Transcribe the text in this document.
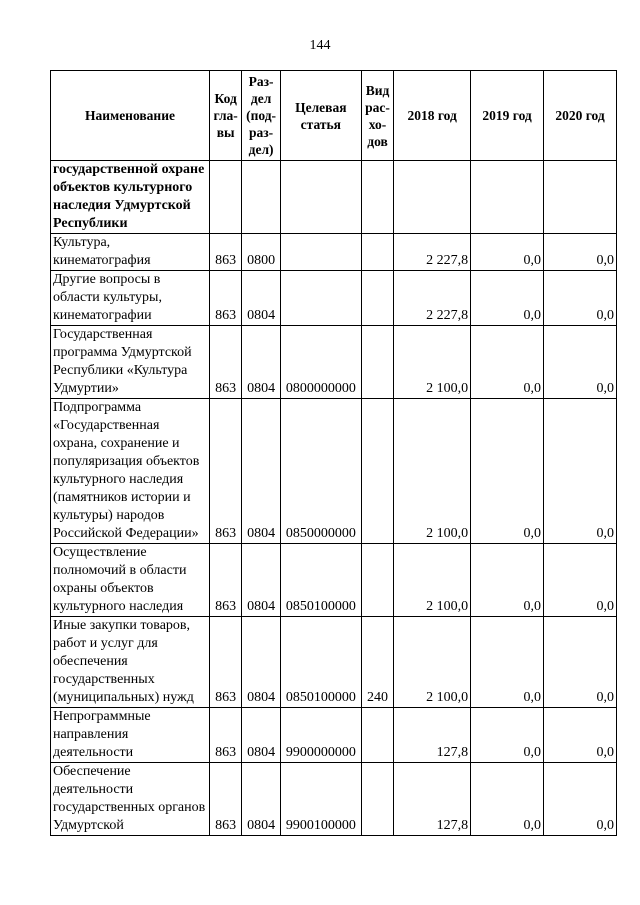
144
Наименование	Код гла- вы	Раз- дел (под- раз- дел)	Целевая статья	Вид рас- хо- дов	2018 год	2019 год	2020 год
государственной охране объектов культурного наследия Удмуртской Республики							
Культура, кинематография	863	0800			2 227,8	0,0	0,0
Другие вопросы в области культуры, кинематографии	863	0804			2 227,8	0,0	0,0
Государственная программа Удмуртской Республики «Культура Удмуртии»	863	0804	0800000000		2 100,0	0,0	0,0
Подпрограмма «Государственная охрана, сохранение и популяризация объектов культурного наследия (памятников истории и культуры) народов Российской Федерации»	863	0804	0850000000		2 100,0	0,0	0,0
Осуществление полномочий в области охраны объектов культурного наследия	863	0804	0850100000		2 100,0	0,0	0,0
Иные закупки товаров, работ и услуг для обеспечения государственных (муниципальных) нужд	863	0804	0850100000	240	2 100,0	0,0	0,0
Непрограммные направления деятельности	863	0804	9900000000		127,8	0,0	0,0
Обеспечение деятельности государственных органов Удмуртской	863	0804	9900100000		127,8	0,0	0,0
